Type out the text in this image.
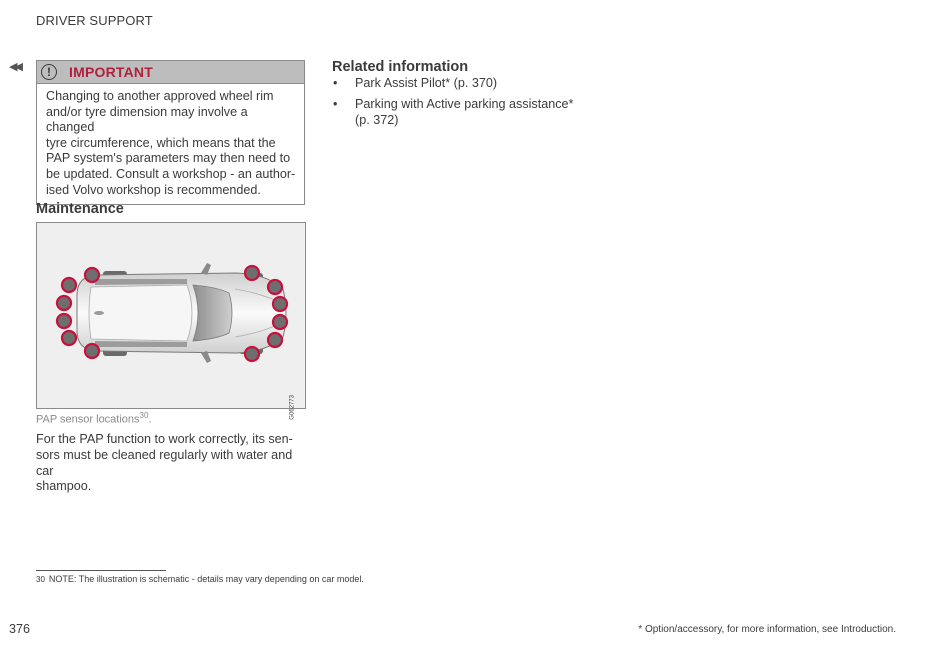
DRIVER SUPPORT
◀◀	!	IMPORTANT
Changing to another approved wheel rim
and/or tyre dimension may involve a changed
tyre circumference, which means that the
PAP system's parameters may then need to
be updated. Consult a workshop - an author-
ised Volvo workshop is recommended.
Maintenance
G062773
PAP sensor locations$^{30}$.
For the PAP function to work correctly, its sen-
sors must be cleaned regularly with water and car
shampoo.
Related information
• Park Assist Pilot* (p. 370)
• Parking with Active parking assistance*
(p. 372)
30 NOTE: The illustration is schematic - details may vary depending on car model.
376	* Option/accessory, for more information, see Introduction.
